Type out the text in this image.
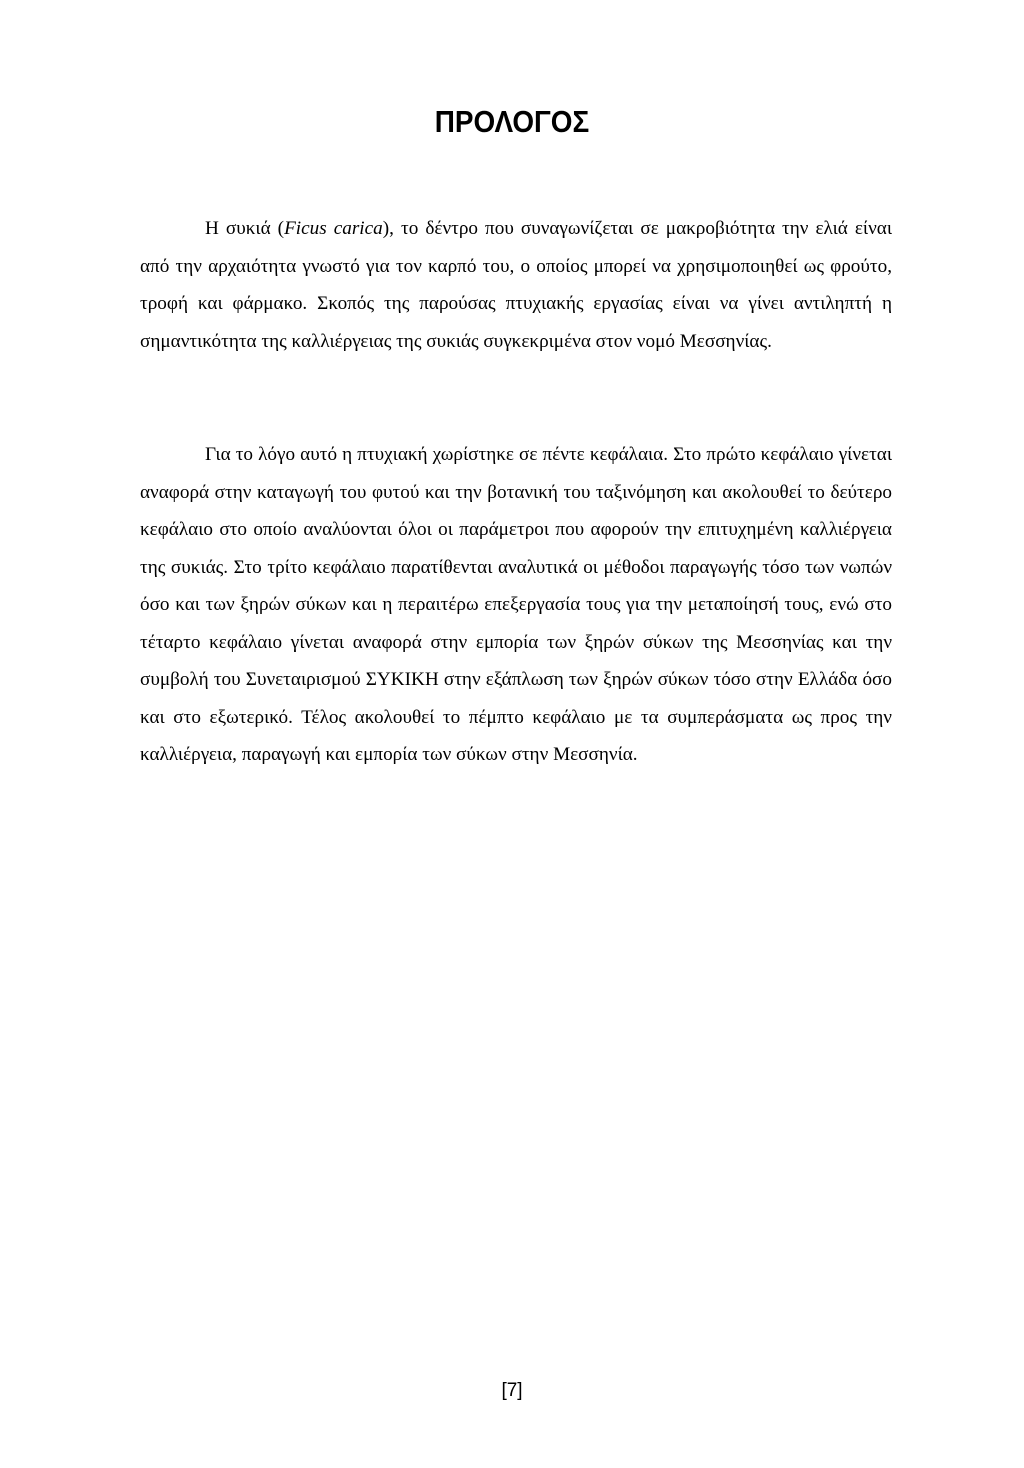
ΠΡΟΛΟΓΟΣ

Η συκιά (Ficus carica), το δέντρο που συναγωνίζεται σε μακροβιότητα την ελιά είναι από την αρχαιότητα γνωστό για τον καρπό του, ο οποίος μπορεί να χρησιμοποιηθεί ως φρούτο, τροφή και φάρμακο. Σκοπός της παρούσας πτυχιακής εργασίας είναι να γίνει αντιληπτή η σημαντικότητα της καλλιέργειας της συκιάς συγκεκριμένα στον νομό Μεσσηνίας.

Για το λόγο αυτό η πτυχιακή χωρίστηκε σε πέντε κεφάλαια. Στο πρώτο κεφάλαιο γίνεται αναφορά στην καταγωγή του φυτού και την βοτανική του ταξινόμηση και ακολουθεί το δεύτερο κεφάλαιο στο οποίο αναλύονται όλοι οι παράμετροι που αφορούν την επιτυχημένη καλλιέργεια της συκιάς. Στο τρίτο κεφάλαιο παρατίθενται αναλυτικά οι μέθοδοι παραγωγής τόσο των νωπών όσο και των ξηρών σύκων και η περαιτέρω επεξεργασία τους για την μεταποίησή τους, ενώ στο τέταρτο κεφάλαιο γίνεται αναφορά στην εμπορία των ξηρών σύκων της Μεσσηνίας και την συμβολή του Συνεταιρισμού ΣΥΚΙΚΗ στην εξάπλωση των ξηρών σύκων τόσο στην Ελλάδα όσο και στο εξωτερικό. Τέλος ακολουθεί το πέμπτο κεφάλαιο με τα συμπεράσματα ως προς την καλλιέργεια, παραγωγή και εμπορία των σύκων στην Μεσσηνία.

[7]
